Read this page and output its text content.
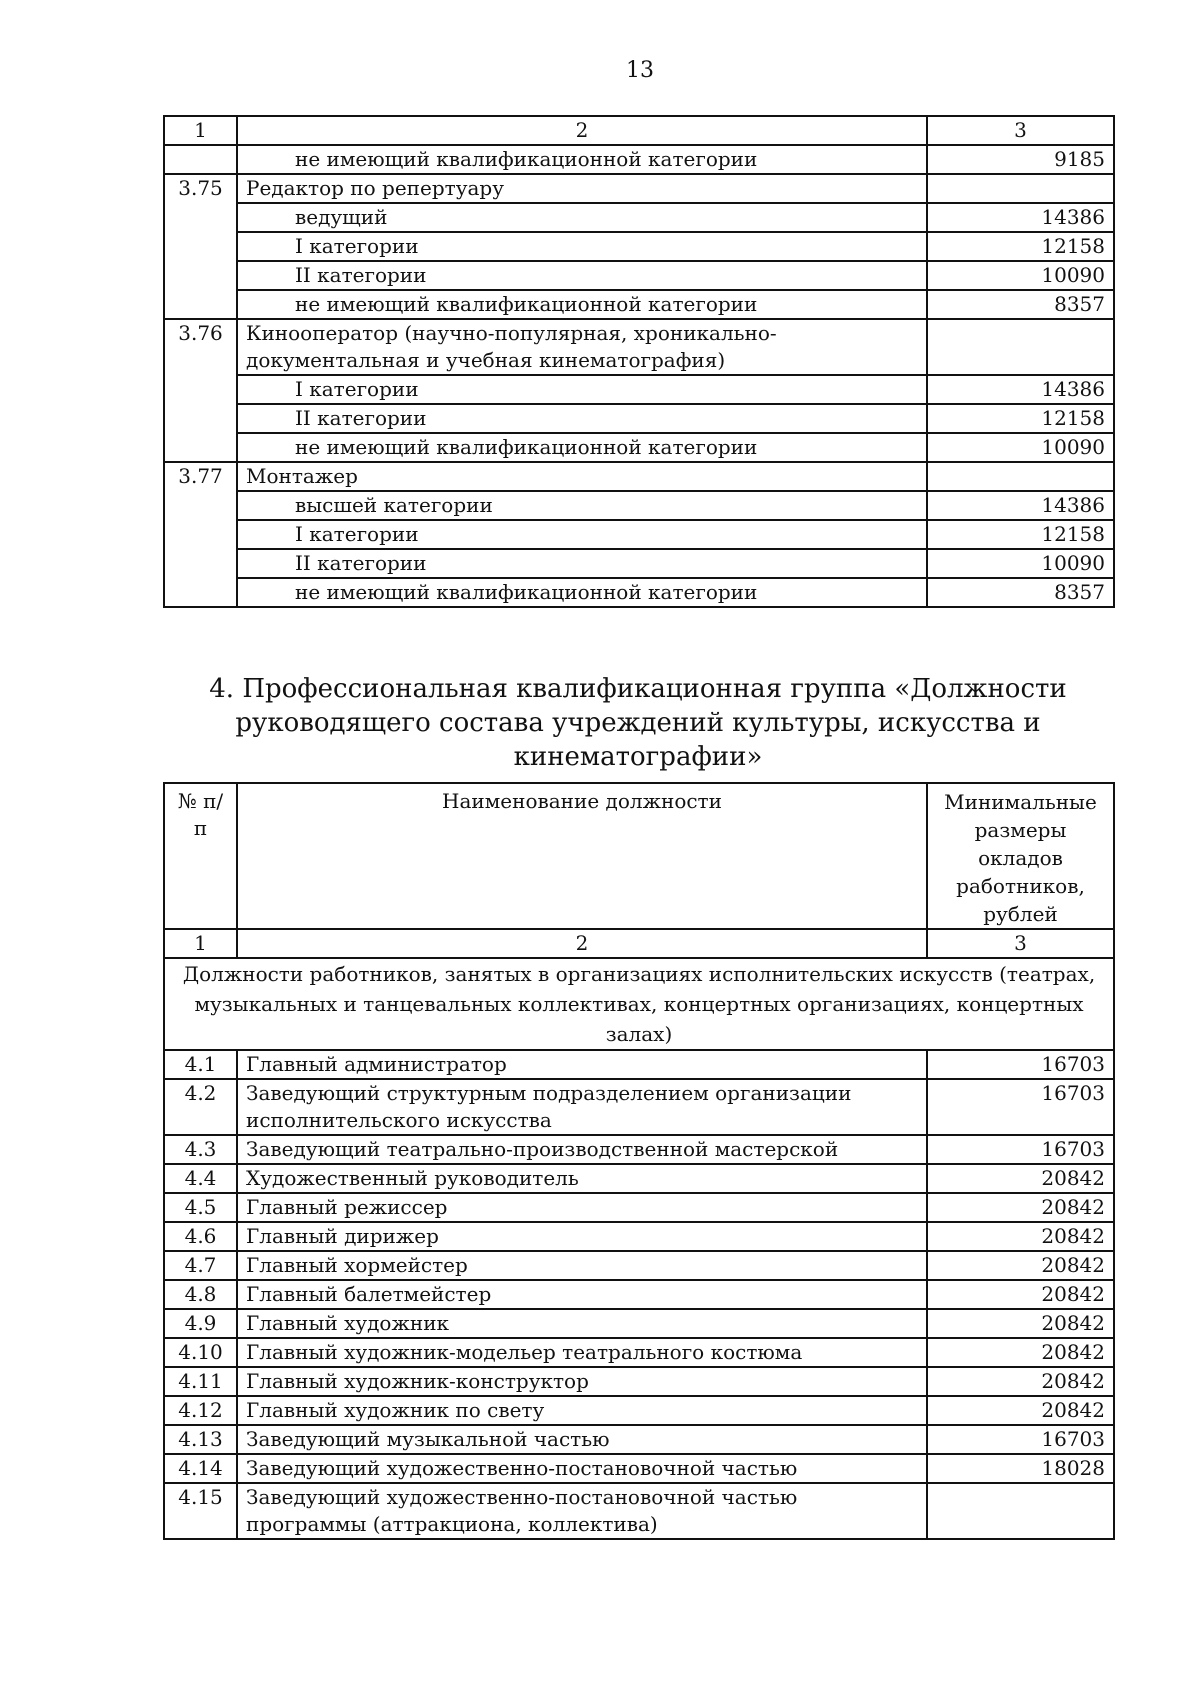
13
1	2	3
	не имеющий квалификационной категории	9185
3.75	Редактор по репертуару	
	ведущий	14386
	I категории	12158
	II категории	10090
	не имеющий квалификационной категории	8357
3.76	Кинооператор (научно-популярная, хроникально-документальная и учебная кинематография)	
	I категории	14386
	II категории	12158
	не имеющий квалификационной категории	10090
3.77	Монтажер	
	высшей категории	14386
	I категории	12158
	II категории	10090
	не имеющий квалификационной категории	8357
4. Профессиональная квалификационная группа «Должности руководящего состава учреждений культуры, искусства и кинематографии»
№ п/п	Наименование должности	Минимальные размеры окладов работников, рублей
1	2	3
Должности работников, занятых в организациях исполнительских искусств (театрах, музыкальных и танцевальных коллективах, концертных организациях, концертных залах)		
4.1	Главный администратор	16703
4.2	Заведующий структурным подразделением организации исполнительского искусства	16703
4.3	Заведующий театрально-производственной мастерской	16703
4.4	Художественный руководитель	20842
4.5	Главный режиссер	20842
4.6	Главный дирижер	20842
4.7	Главный хормейстер	20842
4.8	Главный балетмейстер	20842
4.9	Главный художник	20842
4.10	Главный художник-модельер театрального костюма	20842
4.11	Главный художник-конструктор	20842
4.12	Главный художник по свету	20842
4.13	Заведующий музыкальной частью	16703
4.14	Заведующий художественно-постановочной частью	18028
4.15	Заведующий художественно-постановочной частью программы (аттракциона, коллектива)	
